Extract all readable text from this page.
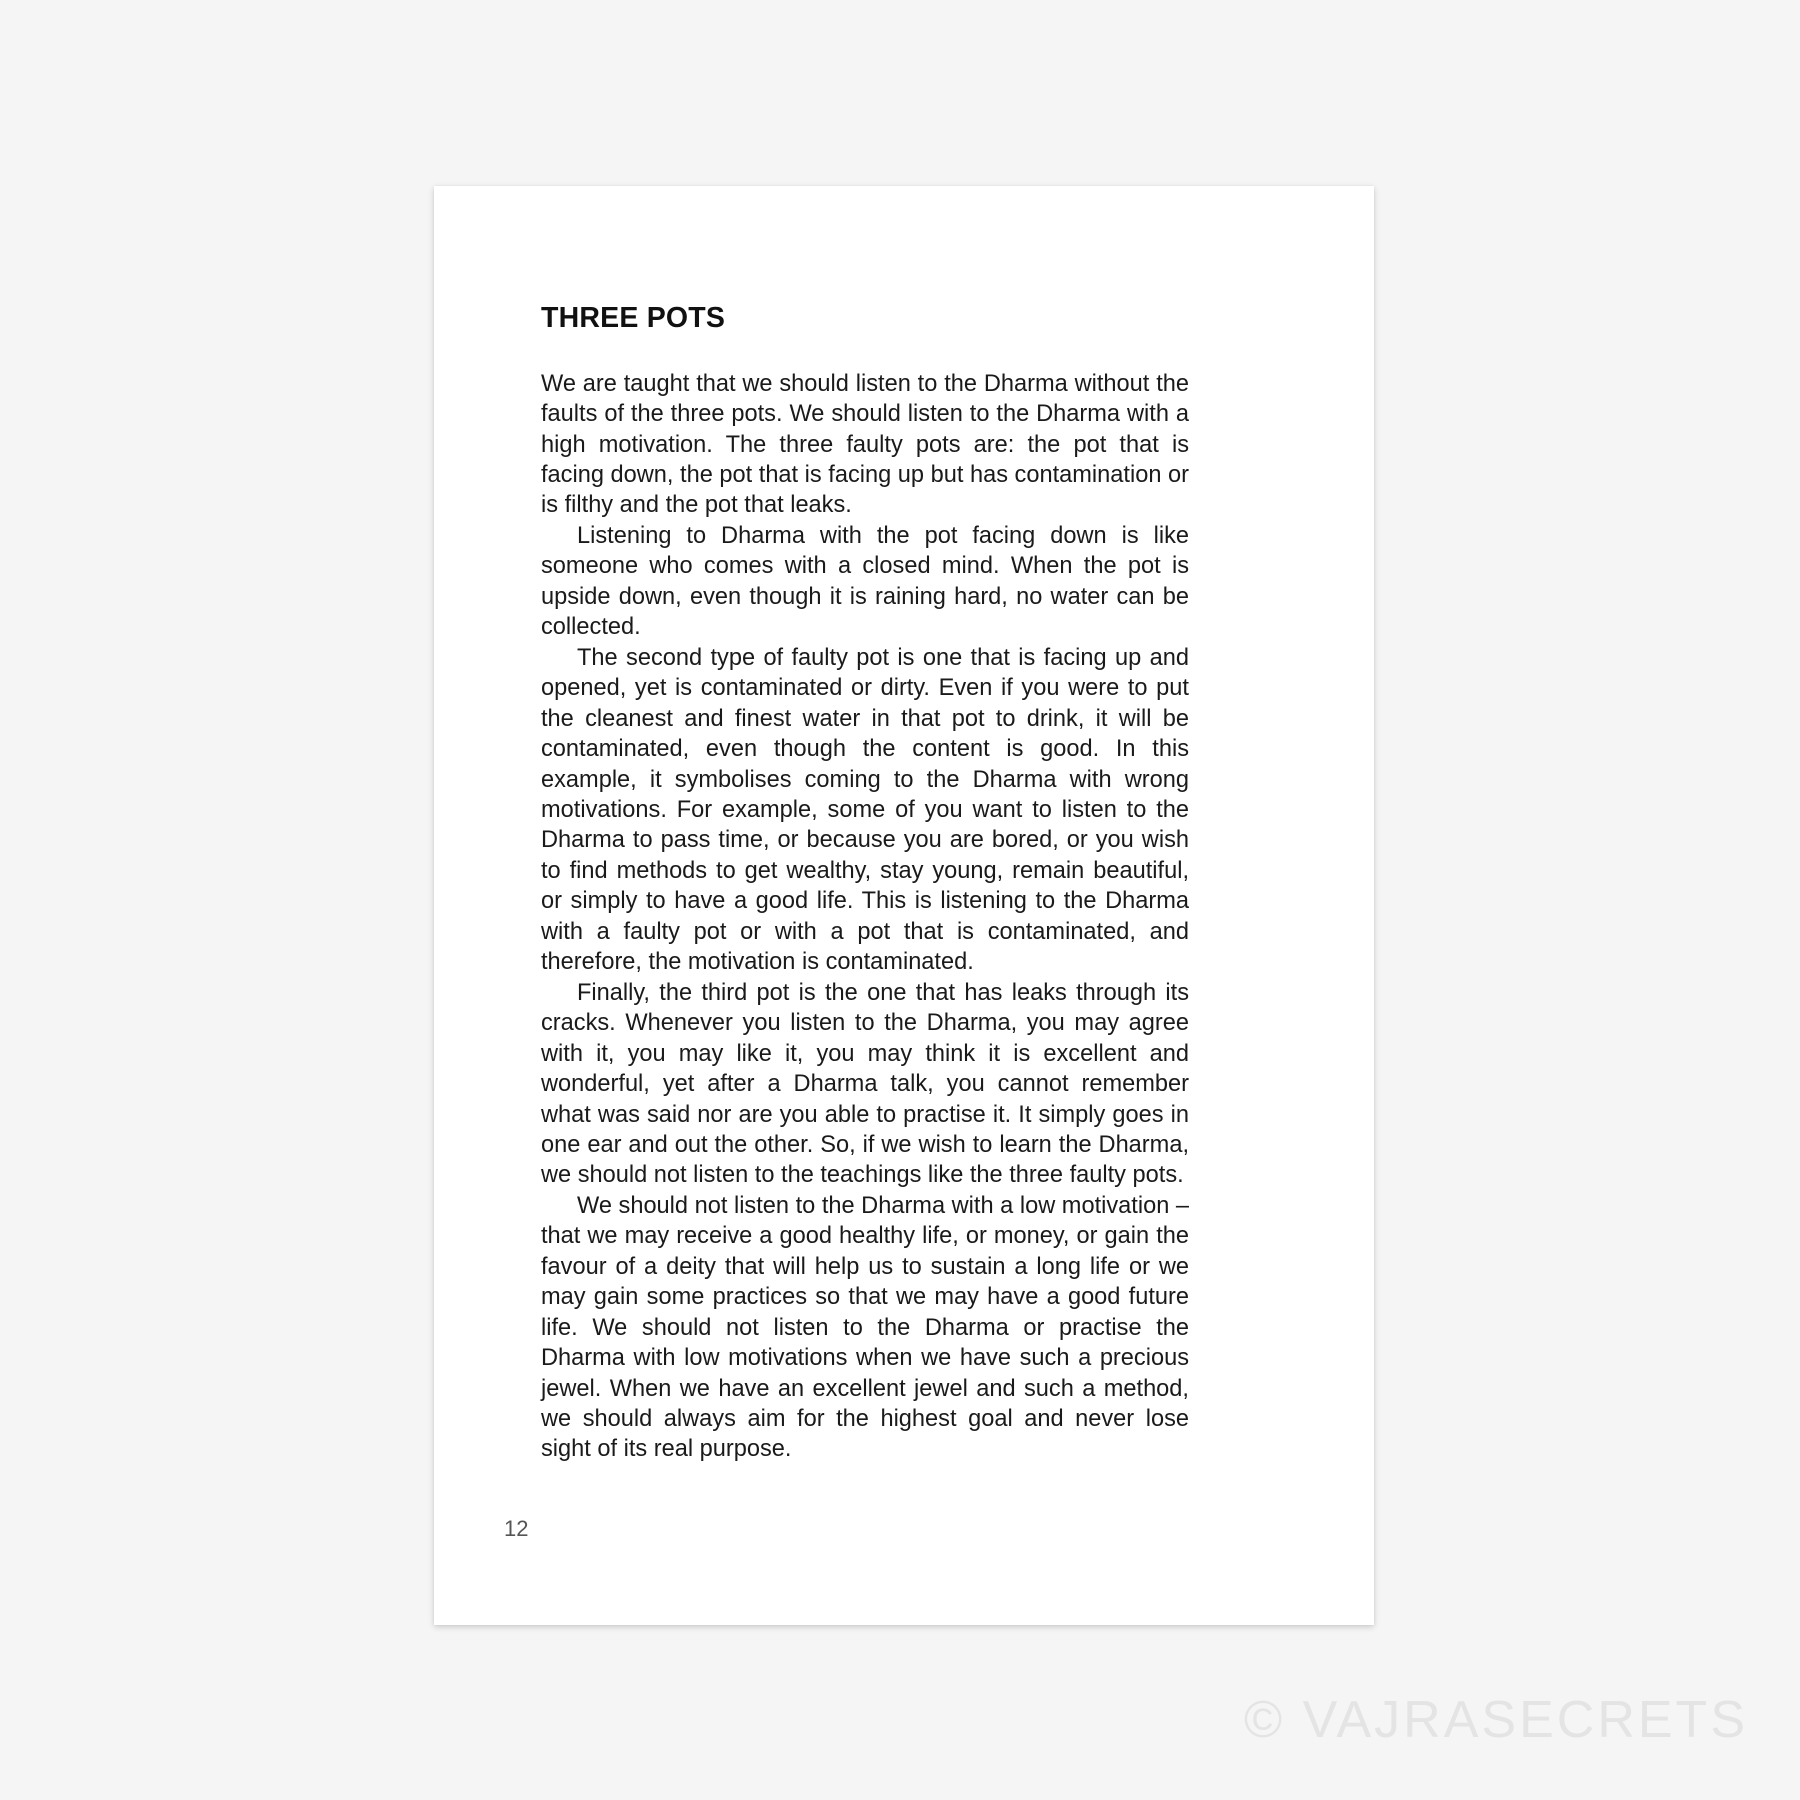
THREE POTS

We are taught that we should listen to the Dharma without the faults of the three pots. We should listen to the Dharma with a high motivation. The three faulty pots are: the pot that is facing down, the pot that is facing up but has contamination or is filthy and the pot that leaks.

Listening to Dharma with the pot facing down is like someone who comes with a closed mind. When the pot is upside down, even though it is raining hard, no water can be collected.

The second type of faulty pot is one that is facing up and opened, yet is contaminated or dirty. Even if you were to put the cleanest and finest water in that pot to drink, it will be contaminated, even though the content is good. In this example, it symbolises coming to the Dharma with wrong motivations. For example, some of you want to listen to the Dharma to pass time, or because you are bored, or you wish to find methods to get wealthy, stay young, remain beautiful, or simply to have a good life. This is listening to the Dharma with a faulty pot or with a pot that is contaminated, and therefore, the motivation is contaminated.

Finally, the third pot is the one that has leaks through its cracks. Whenever you listen to the Dharma, you may agree with it, you may like it, you may think it is excellent and wonderful, yet after a Dharma talk, you cannot remember what was said nor are you able to practise it. It simply goes in one ear and out the other. So, if we wish to learn the Dharma, we should not listen to the teachings like the three faulty pots.

We should not listen to the Dharma with a low motivation – that we may receive a good healthy life, or money, or gain the favour of a deity that will help us to sustain a long life or we may gain some practices so that we may have a good future life. We should not listen to the Dharma or practise the Dharma with low motivations when we have such a precious jewel. When we have an excellent jewel and such a method, we should always aim for the highest goal and never lose sight of its real purpose.

12
© VAJRASECRETS
